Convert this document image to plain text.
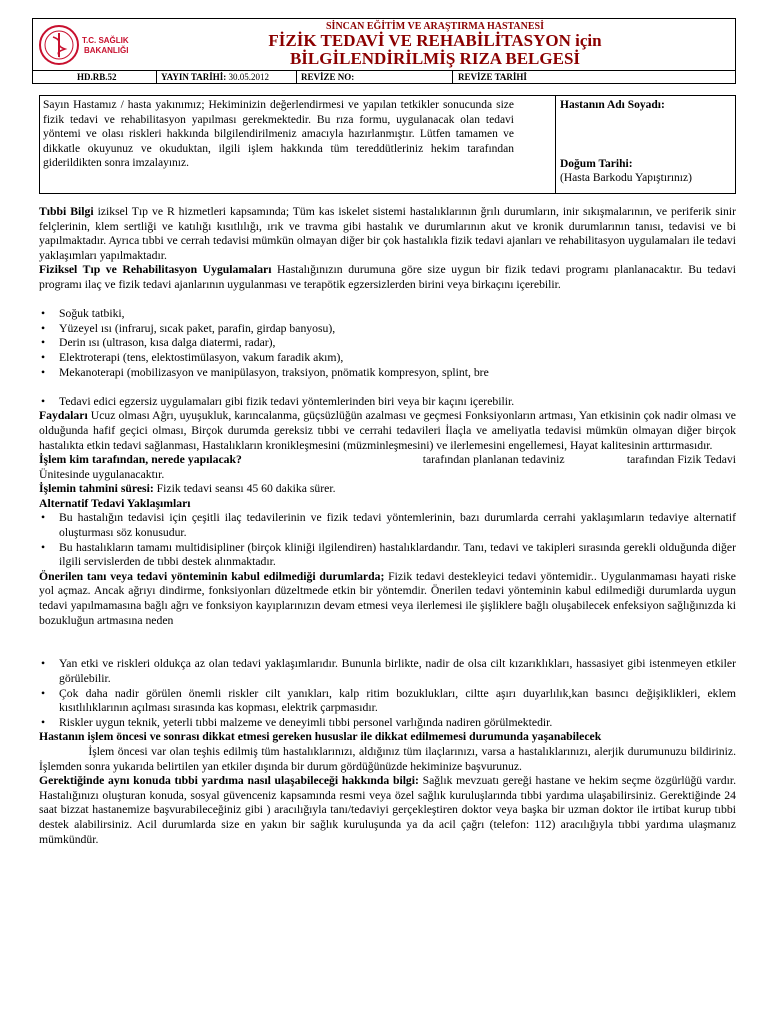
T.C. SAĞLIK
BAKANLIĞI
SİNCAN EĞİTİM VE ARAŞTIRMA HASTANESİ
FİZİK TEDAVİ VE REHABİLİTASYON için
BİLGİLENDİRİLMİŞ RIZA BELGESİ
HD.RB.52	YAYIN TARİHİ: 30.05.2012	REVİZE NO:	REVİZE TARİHİ
Sayın Hastamız / hasta yakınımız; Hekiminizin değerlendirmesi ve yapılan tetkikler sonucunda size fizik tedavi ve rehabilitasyon yapılması gerekmektedir. Bu rıza formu, uygulanacak olan tedavi yöntemi ve olası riskleri hakkında bilgilendirilmeniz amacıyla hazırlanmıştır. Lütfen tamamen ve dikkatle okuyunuz ve okuduktan, ilgili işlem hakkında tüm tereddütleriniz hekim tarafından giderildikten sonra imzalayınız.
Hastanın Adı Soyadı:
Doğum Tarihi:
(Hasta Barkodu Yapıştırınız)

Tıbbi Bilgi iziksel Tıp ve R hizmetleri kapsamında; Tüm kas iskelet sistemi hastalıklarının ğrılı durumların, inir sıkışmalarının, ve periferik sinir felçlerinin, klem sertliği ve katılığı kısıtlılığı, ırık ve travma gibi hastalık ve durumlarının akut ve kronik durumlarının tanısı, tedavisi ve bi yapılmaktadır. Ayrıca tıbbi ve cerrah tedavisi mümkün olmayan diğer bir çok hastalıkla fizik tedavi ajanları ve rehabilitasyon uygulamaları ile tedavi yaklaşımları yapılmaktadır.

Fiziksel Tıp ve Rehabilitasyon Uygulamaları Hastalığınızın durumuna göre size uygun bir fizik tedavi programı planlanacaktır. Bu tedavi programı ilaç ve fizik tedavi ajanlarının uygulanması ve terapötik egzersizlerden birini veya birkaçını içerebilir.

• Soğuk tatbiki,
• Yüzeyel ısı (infraruj, sıcak paket, parafin, girdap banyosu),
• Derin ısı (ultrason, kısa dalga diatermi, radar),
• Elektroterapi (tens, elektostimülasyon, vakum faradik akım),
• Mekanoterapi (mobilizasyon ve manipülasyon, traksiyon, pnömatik kompresyon, splint, bre
• Tedavi edici egzersiz uygulamaları gibi fizik tedavi yöntemlerinden biri veya bir kaçını içerebilir.

Faydaları Ucuz olması Ağrı, uyuşukluk, karıncalanma, güçsüzlüğün azalması ve geçmesi Fonksiyonların artması, Yan etkisinin çok nadir olması ve olduğunda hafif geçici olması, Birçok durumda gereksiz tıbbi ve cerrahi tedavileri İlaçla ve ameliyatla tedavisi mümkün olmayan diğer birçok hastalıkta etkin tedavi sağlanması, Hastalıkların kronikleşmesini (müzminleşmesini) ve ilerlemesini engellemesi, Hayat kalitesinin arttırmasıdır.

İşlem kim tarafından, nerede yapılacak?                                                          tarafından planlanan tedaviniz                    tarafından Fizik Tedavi Ünitesinde uygulanacaktır.

İşlemin tahmini süresi: Fizik tedavi seansı 45 60 dakika sürer.

Alternatif Tedavi Yaklaşımları

• Bu hastalığın tedavisi için çeşitli ilaç tedavilerinin ve fizik tedavi yöntemlerinin, bazı durumlarda cerrahi yaklaşımların tedaviye alternatif oluşturması söz konusudur.
• Bu hastalıkların tamamı multidisipliner (birçok kliniği ilgilendiren) hastalıklardandır. Tanı, tedavi ve takipleri sırasında gerekli olduğunda diğer ilgili servislerden de tıbbi destek alınmaktadır.

Önerilen tanı veya tedavi yönteminin kabul edilmediği durumlarda; Fizik tedavi destekleyici tedavi yöntemidir.. Uygulanmaması hayati riske yol açmaz. Ancak ağrıyı dindirme, fonksiyonları düzeltmede etkin bir yöntemdir. Önerilen tedavi yönteminin kabul edilmediği durumlarda uygun tedavi yapılmamasına bağlı ağrı ve fonksiyon kayıplarınızın devam etmesi veya ilerlemesi ile şişliklere bağlı oluşabilecek enfeksiyon sağlığınızda ki bozukluğun artmasına neden

• Yan etki ve riskleri oldukça az olan tedavi yaklaşımlarıdır. Bununla birlikte, nadir de olsa cilt kızarıklıkları, hassasiyet gibi istenmeyen etkiler görülebilir.
• Çok daha nadir görülen önemli riskler cilt yanıkları, kalp ritim bozuklukları, ciltte aşırı duyarlılık,kan basıncı değişiklikleri, eklem kısıtlılıklarının açılması sırasında kas kopması, elektrik çarpmasıdır.
• Riskler uygun teknik, yeterli tıbbi malzeme ve deneyimli tıbbi personel varlığında nadiren görülmektedir.

Hastanın işlem öncesi ve sonrası dikkat etmesi gereken hususlar ile dikkat edilmemesi durumunda yaşanabilecek
İşlem öncesi var olan teşhis edilmiş tüm hastalıklarınızı, aldığınız tüm ilaçlarınızı, varsa a hastalıklarınızı, alerjik durumunuzu bildiriniz. İşlemden sonra yukarıda belirtilen yan etkiler dışında bir durum gördüğünüzde hekiminize başvurunuz.

Gerektiğinde aynı konuda tıbbi yardıma nasıl ulaşabileceği hakkında bilgi: Sağlık mevzuatı gereği hastane ve hekim seçme özgürlüğü vardır. Hastalığınızı oluşturan konuda, sosyal güvenceniz kapsamında resmi veya özel sağlık kuruluşlarında tıbbi yardıma ulaşabilirsiniz. Gerektiğinde 24 saat bizzat hastanemize başvurabileceğiniz gibi ) aracılığıyla tanı/tedaviyi gerçekleştiren doktor veya başka bir uzman doktor ile irtibat kurup tıbbi destek alabilirsiniz. Acil durumlarda size en yakın bir sağlık kuruluşunda ya da acil çağrı (telefon: 112) aracılığıyla tıbbi yardıma ulaşmanız mümkündür.
